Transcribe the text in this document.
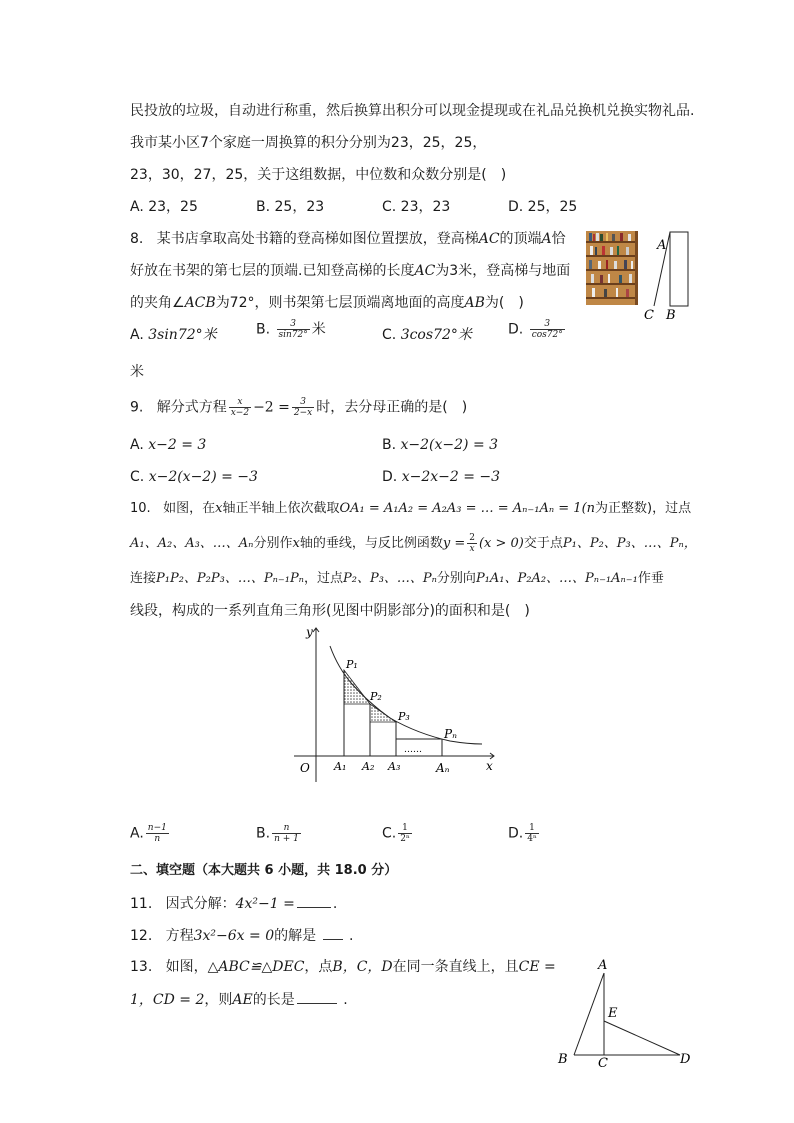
民投放的垃圾，自动进行称重，然后换算出积分可以现金提现或在礼品兑换机兑换实物礼品.
我市某小区7个家庭一周换算的积分分别为23，25，25，
23，30，27，25，关于这组数据，中位数和众数分别是(　)
A. 23，25	B. 25，23	C. 23，23	D. 25，25
8. 某书店拿取高处书籍的登高梯如图位置摆放，登高梯AC的顶端A恰
好放在书架的第七层的顶端.已知登高梯的长度AC为3米，登高梯与地面
的夹角∠ACB为72°，则书架第七层顶端离地面的高度AB为(　)
A
C B
A. 3sin72°米	B. $\frac{3}{\sin 72^\circ}$ 米	C. 3cos72°米	D. $\frac{3}{\cos 72^\circ}$
米
9. 解分式方程 $\frac{x}{x-2} -2 = \frac{3}{2-x}$ 时，去分母正确的是(　)
A. x−2 = 3	B. x−2(x−2) = 3
C. x−2(x−2) = −3	D. x−2x−2 = −3
10. 如图，在x轴正半轴上依次截取OA₁ = A₁A₂ = A₂A₃ = … = Aₙ₋₁Aₙ = 1(n为正整数)，过点
A₁、A₂、A₃、…、Aₙ分别作x轴的垂线，与反比例函数$y = \frac{2}{x} (x > 0)$交于点P₁、P₂、P₃、…、Pₙ，
连接P₁P₂、P₂P₃、…、Pₙ₋₁Pₙ，过点P₂、P₃、…、Pₙ分别向P₁A₁、P₂A₂、…、Pₙ₋₁Aₙ₋₁作垂
线段，构成的一系列直角三角形(见图中阴影部分)的面积和是(　)
……
y
x
O A₁ A₂ A₃	Aₙ
P₁
P₂
P₃
Pₙ
A. $\frac{n-1}{n}$	B. $\frac{n}{n + 1}$	C. $\frac{1}{\text{2ⁿ}}$	D. $\frac{1}{\text{4ⁿ}}$
二、填空题（本大题共 6 小题，共 18.0 分）
11. 因式分解：4x²−1 =	.
12. 方程3x²−6x = 0的解是 .
13. 如图，△ABC≌△DEC，点B，C，D在同一条直线上，且CE =
1，CD = 2，则AE的长是	.
A
E
B C	D
